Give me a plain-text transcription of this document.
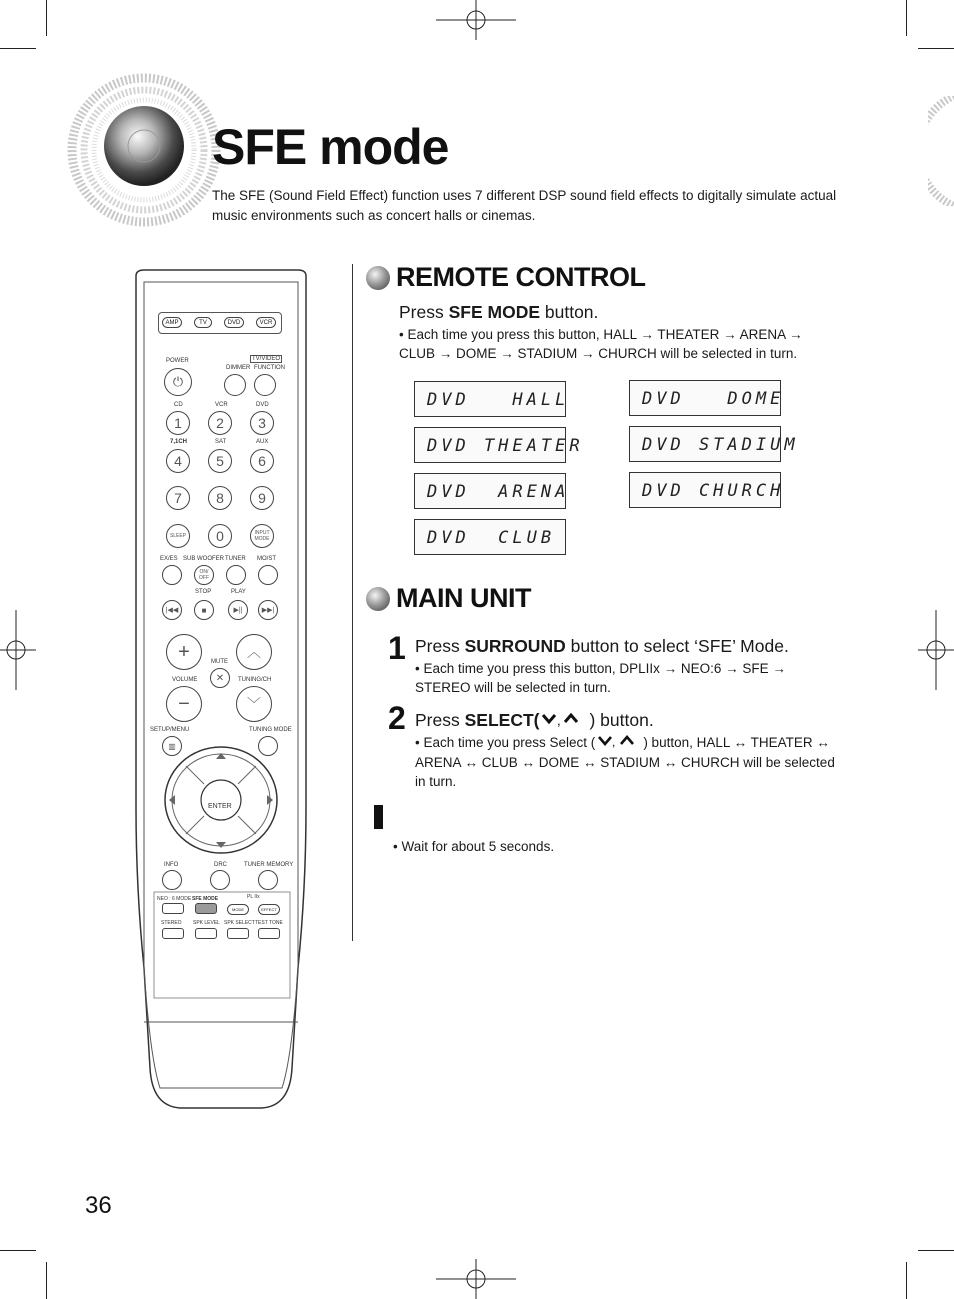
SFE mode
The SFE (Sound Field Effect) function uses 7 different DSP sound field effects to digitally simulate actual music environments such as concert halls or cinemas.
REMOTE CONTROL
Press SFE MODE button.
• Each time you press this button, HALL → THEATER → ARENA → CLUB → DOME → STADIUM → CHURCH will be selected in turn.
DVD   HALL
DVD THEATER
DVD  ARENA
DVD  CLUB
DVD   DOME
DVD STADIUM
DVD CHURCH
MAIN UNIT
1 Press SURROUND button to select ‘SFE’ Mode.
• Each time you press this button, DPLIIx → NEO:6 → SFE → STEREO will be selected in turn.
2 Press SELECT( , ) button.
• Each time you press Select ( , ) button, HALL ↔ THEATER ↔ ARENA ↔ CLUB ↔ DOME ↔ STADIUM ↔ CHURCH will be selected in turn.
• Wait for about 5 seconds.
AMP	TV	DVD	VCR
POWER	TV/VIDEO
DIMMER FUNCTION
⏻
CD	VCR	DVD
1	2	3
7,1CH	SAT	AUX
4	5	6
7	8	9
SLEEP	0	INPUT MODE
EX/ES SUB WOOFER TUNER MO/ST
ON/ OFF
STOP	PLAY
|◀◀	■	▶||	▶▶|
+	︿
MUTE
✕
VOLUME	TUNING/CH
−	﹀
SETUP/MENU	TUNING MODE
▥
ENTER
INFO	DRC	TUNER MEMORY
NEO : 6 MODE SFE MODE	PL IIx
MODE	EFFECT
STEREO SPK LEVEL SPK SELECT TEST TONE
36
